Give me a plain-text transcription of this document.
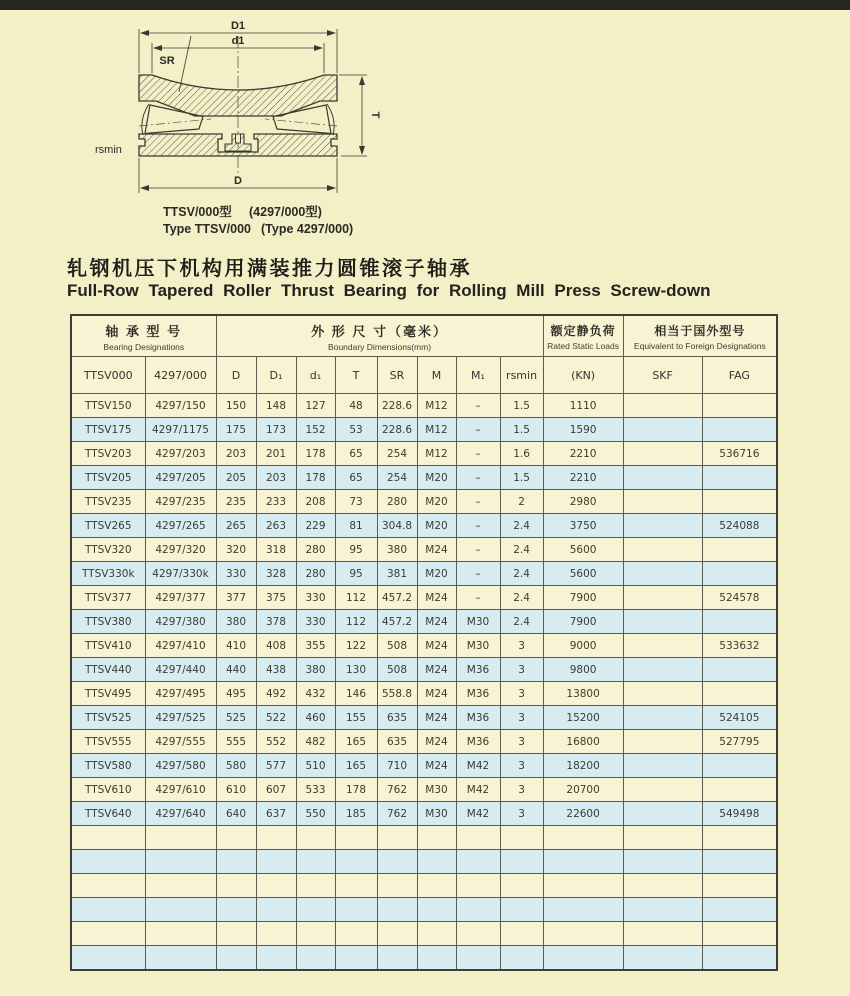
D1
d1
SR
T
rsmin
D
TTSV/000型	(4297/000型)
Type TTSV/000 (Type 4297/000)
轧钢机压下机构用满装推力圆锥滚子轴承
Full-Row Tapered Roller Thrust Bearing for Rolling Mill Press Screw-down
轴 承 型 号
Bearing Designations		外 形 尺 寸（毫米）
Boundary Dimensions(mm)								额定静负荷
Rated Static Loads	相当于国外型号
Equivalent to Foreign Designations	

TTSV000	4297/000	D	D₁	d₁	T	SR	M	M₁	rsmin	(KN)	SKF	FAG
TTSV150	4297/150	150	148	127	48	228.6	M12	–	1.5	1110		
TTSV175	4297/1175	175	173	152	53	228.6	M12	–	1.5	1590		
TTSV203	4297/203	203	201	178	65	254	M12	–	1.6	2210		536716
TTSV205	4297/205	205	203	178	65	254	M20	–	1.5	2210		
TTSV235	4297/235	235	233	208	73	280	M20	–	2	2980		
TTSV265	4297/265	265	263	229	81	304.8	M20	–	2.4	3750		524088
TTSV320	4297/320	320	318	280	95	380	M24	–	2.4	5600		
TTSV330k	4297/330k	330	328	280	95	381	M20	–	2.4	5600		
TTSV377	4297/377	377	375	330	112	457.2	M24	–	2.4	7900		524578
TTSV380	4297/380	380	378	330	112	457.2	M24	M30	2.4	7900		
TTSV410	4297/410	410	408	355	122	508	M24	M30	3	9000		533632
TTSV440	4297/440	440	438	380	130	508	M24	M36	3	9800		
TTSV495	4297/495	495	492	432	146	558.8	M24	M36	3	13800		
TTSV525	4297/525	525	522	460	155	635	M24	M36	3	15200		524105
TTSV555	4297/555	555	552	482	165	635	M24	M36	3	16800		527795
TTSV580	4297/580	580	577	510	165	710	M24	M42	3	18200		
TTSV610	4297/610	610	607	533	178	762	M30	M42	3	20700		
TTSV640	4297/640	640	637	550	185	762	M30	M42	3	22600		549498
